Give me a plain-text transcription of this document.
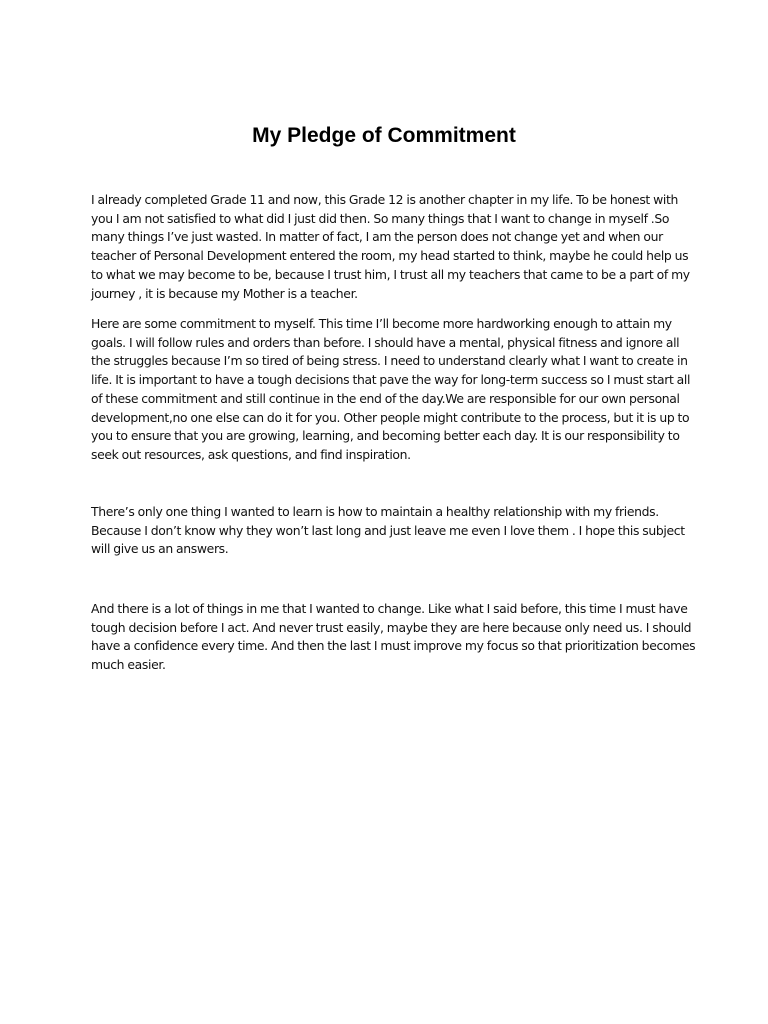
My Pledge of Commitment

I already completed Grade 11 and now, this Grade 12 is another chapter in my life. To be honest with
you I am not satisfied to what did I just did then. So many things that I want to change in myself .So
many things I’ve just wasted. In matter of fact, I am the person does not change yet and when our
teacher of Personal Development entered the room, my head started to think, maybe he could help us
to what we may become to be, because I trust him, I trust all my teachers that came to be a part of my
journey , it is because my Mother is a teacher.

Here are some commitment to myself. This time I’ll become more hardworking enough to attain my
goals. I will follow rules and orders than before. I should have a mental, physical fitness and ignore all
the struggles because I’m so tired of being stress. I need to understand clearly what I want to create in
life. It is important to have a tough decisions that pave the way for long-term success so I must start all
of these commitment and still continue in the end of the day.We are responsible for our own personal
development,no one else can do it for you. Other people might contribute to the process, but it is up to
you to ensure that you are growing, learning, and becoming better each day. It is our responsibility to
seek out resources, ask questions, and find inspiration.

There’s only one thing I wanted to learn is how to maintain a healthy relationship with my friends.
Because I don’t know why they won’t last long and just leave me even I love them . I hope this subject
will give us an answers.

And there is a lot of things in me that I wanted to change. Like what I said before, this time I must have
tough decision before I act. And never trust easily, maybe they are here because only need us. I should
have a confidence every time. And then the last I must improve my focus so that prioritization becomes
much easier.
